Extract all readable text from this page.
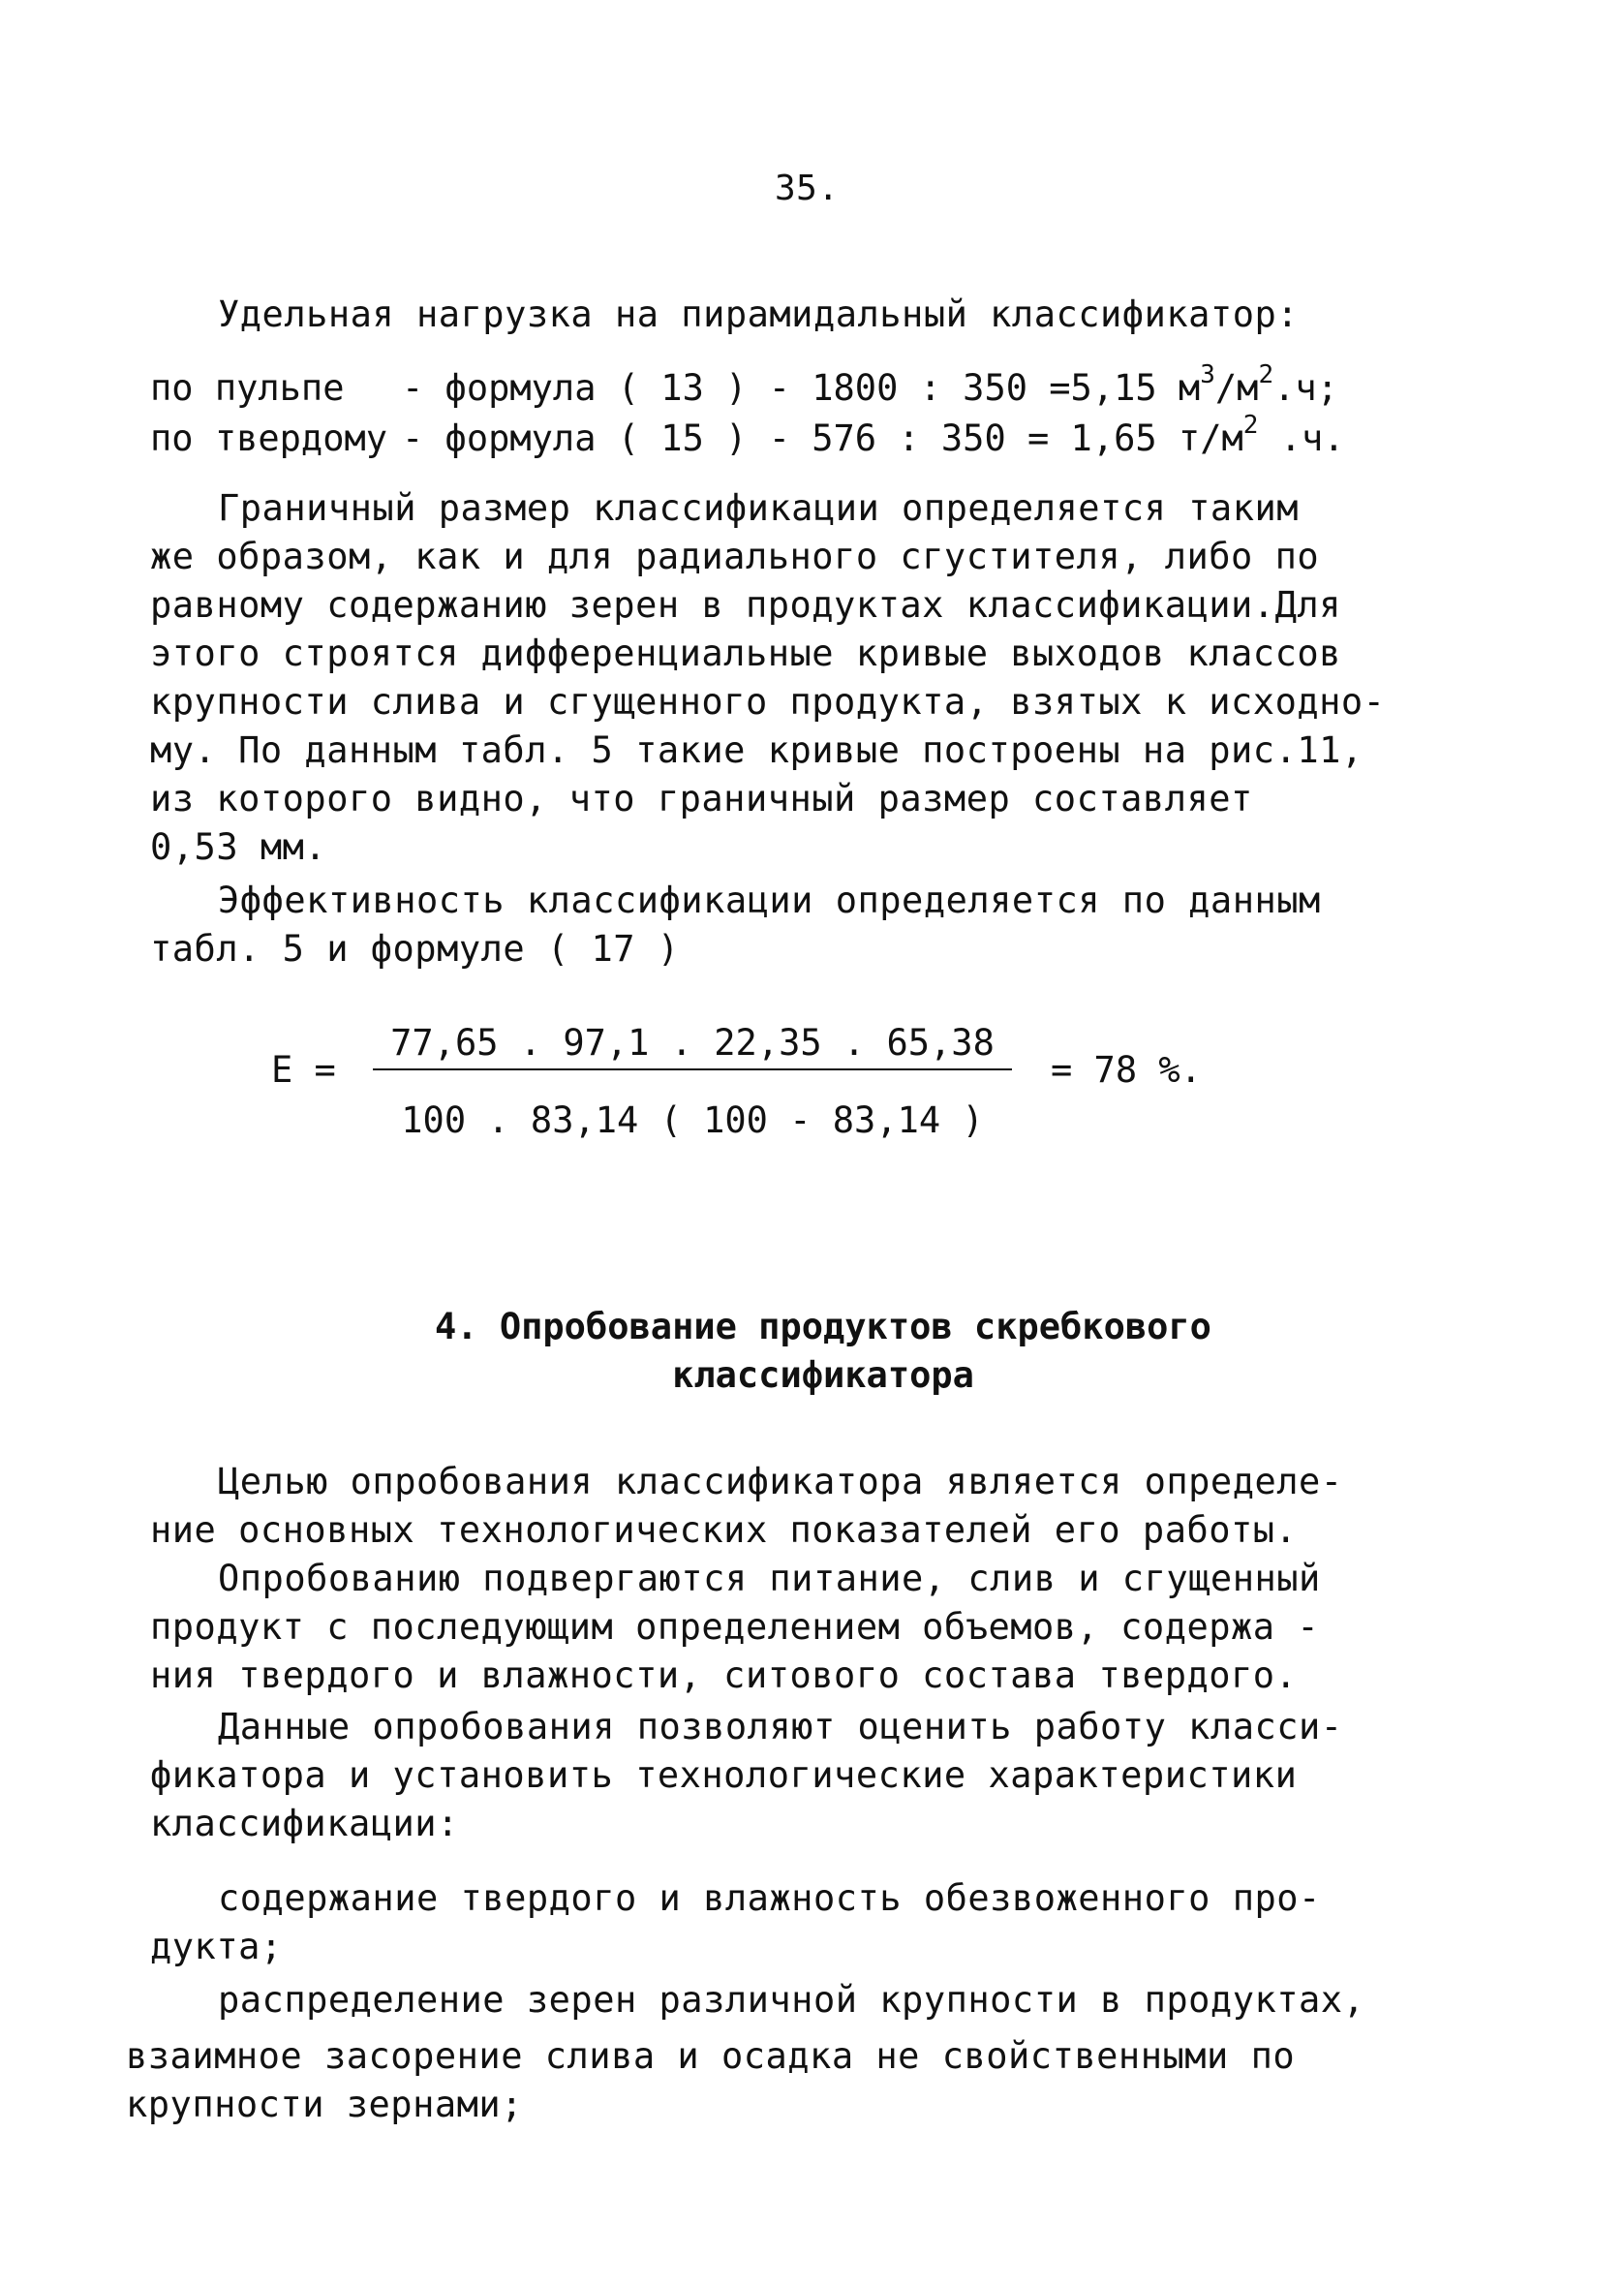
35.
Удельная нагрузка на пирамидальный классификатор:
по пульпе - формула ( 13 ) - 1800 : 350 =5,15 $м^3/м^2.ч$;
по твердому - формула ( 15 ) - 576 : 350 = 1,65 $т/м^2$ .ч.
Граничный размер классификации определяется таким
же образом, как и для радиального сгустителя, либо по
равному содержанию зерен в продуктах классификации.Для
этого строятся дифференциальные кривые выходов классов
крупности слива и сгущенного продукта, взятых к исходно-
му. По данным табл. 5 такие кривые построены на рис.11,
из которого видно, что граничный размер составляет
0,53 мм.
Эффективность классификации определяется по данным
табл. 5 и формуле ( 17 )
E =
77,65 . 97,1 . 22,35 . 65,38
100 . 83,14 ( 100 - 83,14 )
= 78 %.
4. Опробование продуктов скребкового
классификатора
Целью опробования классификатора является определе-
ние основных технологических показателей его работы.
Опробованию подвергаются питание, слив и сгущенный
продукт с последующим определением объемов, содержа -
ния твердого и влажности, ситового состава твердого.
Данные опробования позволяют оценить работу класси-
фикатора и установить технологические характеристики
классификации:
содержание твердого и влажность обезвоженного про-
дукта;
распределение зерен различной крупности в продуктах,
взаимное засорение слива и осадка не свойственными по
крупности зернами;
